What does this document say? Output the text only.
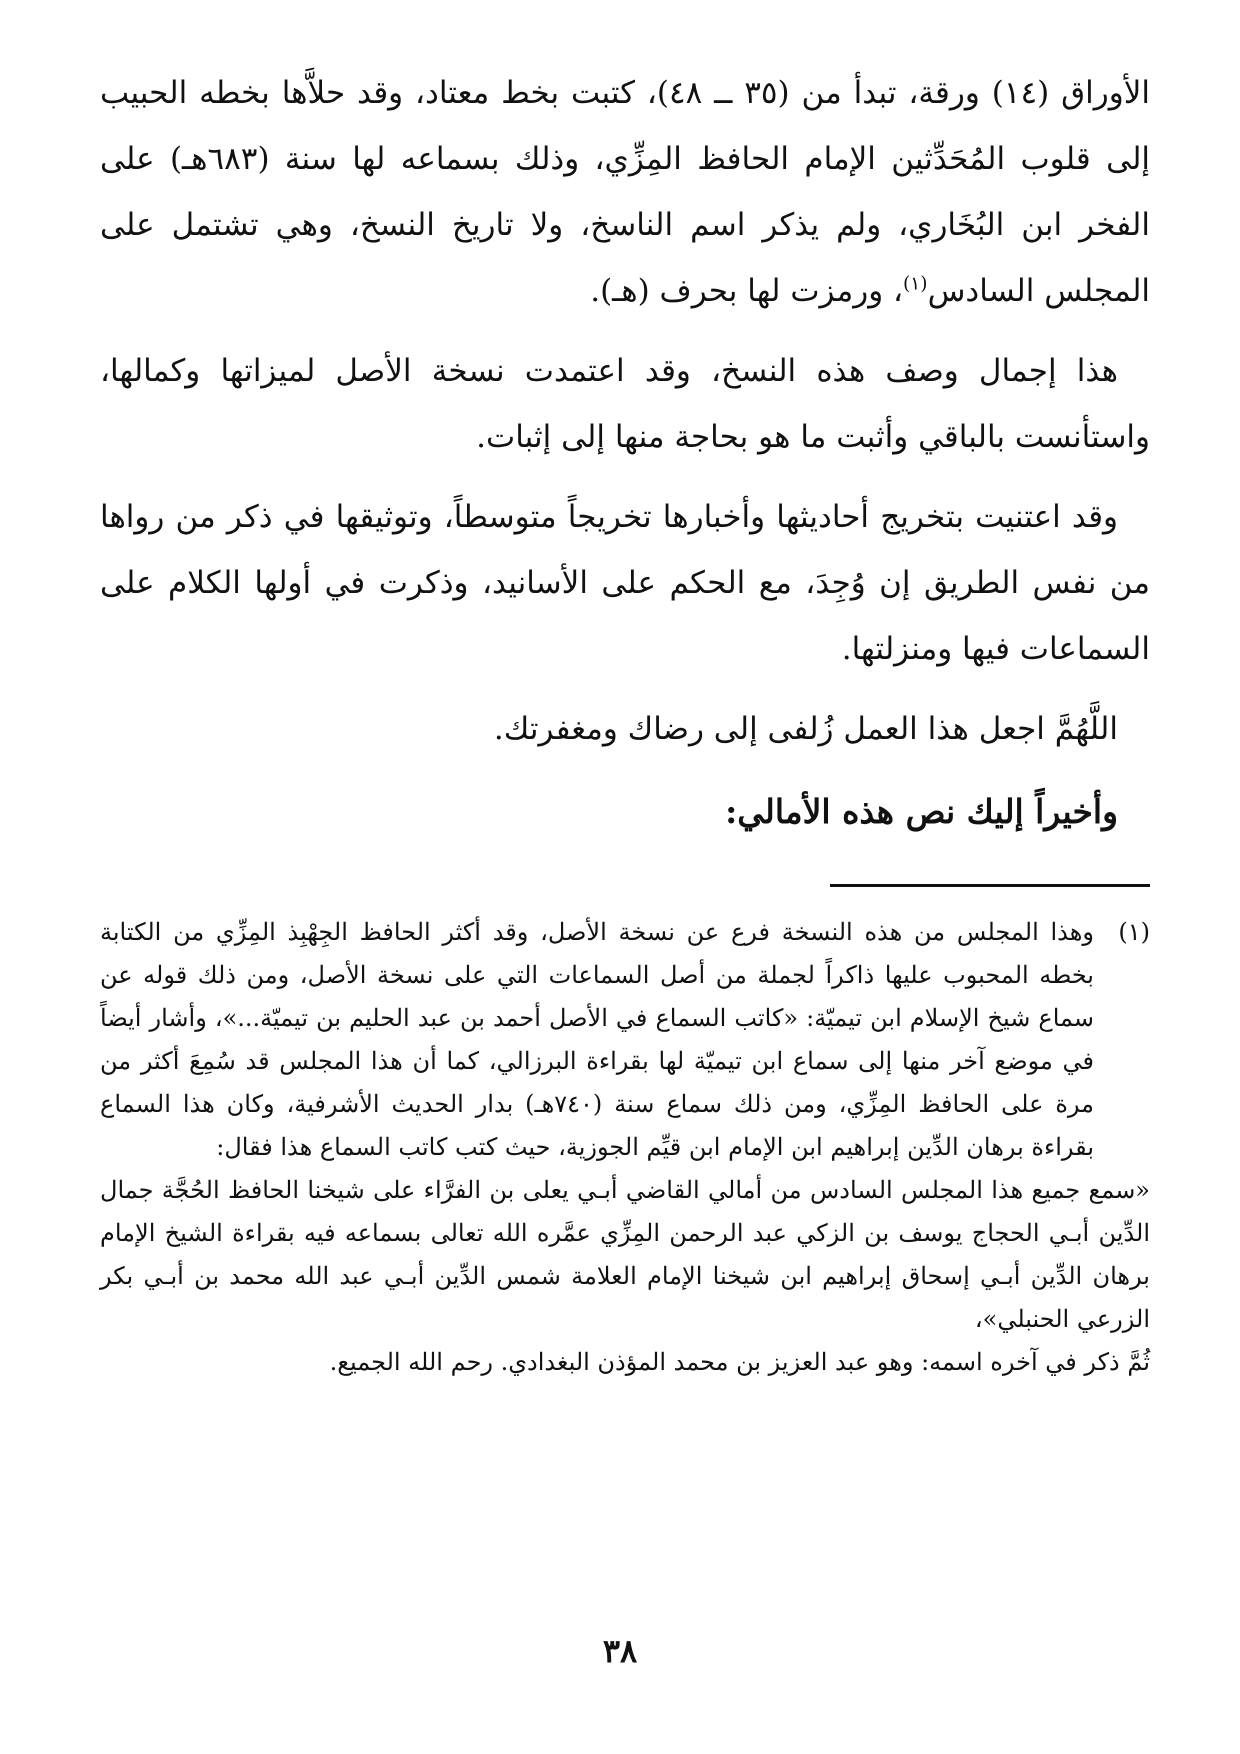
الأوراق (١٤) ورقة، تبدأ من (٣٥ ــ ٤٨)، كتبت بخط معتاد، وقد حلاَّها بخطه الحبيب إلى قلوب المُحَدِّثين الإمام الحافظ المِزِّي، وذلك بسماعه لها سنة (٦٨٣هـ) على الفخر ابن البُخَاري، ولم يذكر اسم الناسخ، ولا تاريخ النسخ، وهي تشتمل على المجلس السادس$^{(١)}$، ورمزت لها بحرف (هـ).

هذا إجمال وصف هذه النسخ، وقد اعتمدت نسخة الأصل لميزاتها وكمالها، واستأنست بالباقي وأثبت ما هو بحاجة منها إلى إثبات.

وقد اعتنيت بتخريج أحاديثها وأخبارها تخريجاً متوسطاً، وتوثيقها في ذكر من رواها من نفس الطريق إن وُجِدَ، مع الحكم على الأسانيد، وذكرت في أولها الكلام على السماعات فيها ومنزلتها.

اللَّهُمَّ اجعل هذا العمل زُلفى إلى رضاك ومغفرتك.

وأخيراً إليك نص هذه الأمالي:

(١)

وهذا المجلس من هذه النسخة فرع عن نسخة الأصل، وقد أكثر الحافظ الجِهْبِذ المِزِّي من الكتابة بخطه المحبوب عليها ذاكراً لجملة من أصل السماعات التي على نسخة الأصل، ومن ذلك قوله عن سماع شيخ الإسلام ابن تيميّة: «كاتب السماع في الأصل أحمد بن عبد الحليم بن تيميّة...»، وأشار أيضاً في موضع آخر منها إلى سماع ابن تيميّة لها بقراءة البرزالي، كما أن هذا المجلس قد سُمِعَ أكثر من مرة على الحافظ المِزِّي، ومن ذلك سماع سنة (٧٤٠هـ) بدار الحديث الأشرفية، وكان هذا السماع بقراءة برهان الدِّين إبراهيم ابن الإمام ابن قيِّم الجوزية، حيث كتب كاتب السماع هذا فقال:

«سمع جميع هذا المجلس السادس من أمالي القاضي أبـي يعلى بن الفرَّاء على شيخنا الحافظ الحُجَّة جمال الدِّين أبـي الحجاج يوسف بن الزكي عبد الرحمن المِزِّي عمَّره الله تعالى بسماعه فيه بقراءة الشيخ الإمام برهان الدِّين أبـي إسحاق إبراهيم ابن شيخنا الإمام العلامة شمس الدِّين أبـي عبد الله محمد بن أبـي بكر الزرعي الحنبلي»،

ثُمَّ ذكر في آخره اسمه: وهو عبد العزيز بن محمد المؤذن البغدادي. رحم الله الجميع.

٣٨
